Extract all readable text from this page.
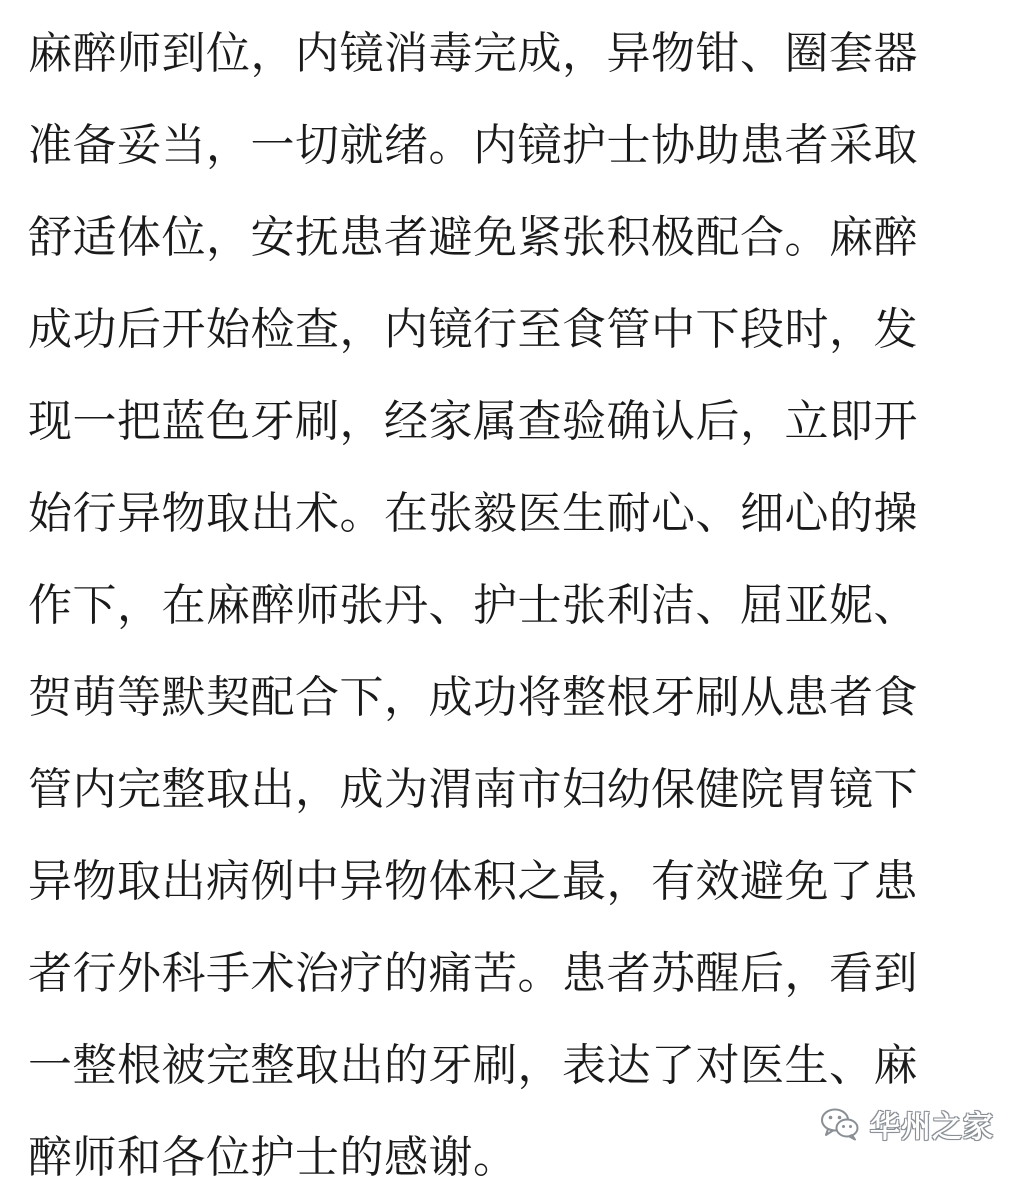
麻醉师到位，内镜消毒完成，异物钳、圈套器
准备妥当，一切就绪。内镜护士协助患者采取
舒适体位，安抚患者避免紧张积极配合。麻醉
成功后开始检查，内镜行至食管中下段时，发
现一把蓝色牙刷，经家属查验确认后，立即开
始行异物取出术。在张毅医生耐心、细心的操
作下，在麻醉师张丹、护士张利洁、屈亚妮、
贺萌等默契配合下，成功将整根牙刷从患者食
管内完整取出，成为渭南市妇幼保健院胃镜下
异物取出病例中异物体积之最，有效避免了患
者行外科手术治疗的痛苦。患者苏醒后，看到
一整根被完整取出的牙刷，表达了对医生、麻
醉师和各位护士的感谢。
华州之家
